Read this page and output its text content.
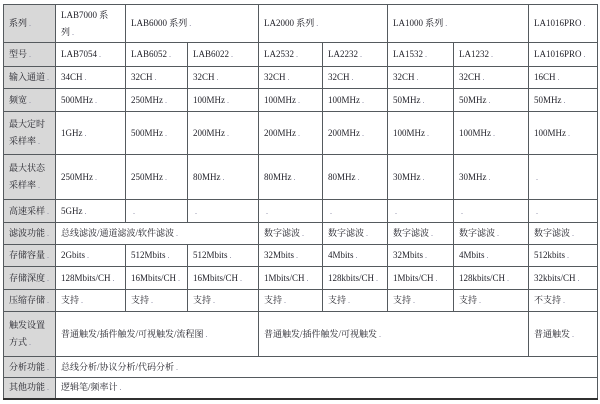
系列 .	LAB7000 系列 .	LAB6000 系列 .		LA2000 系列 .		LA1000 系列 .		LA1016PRO .
型号 .	LAB7054 .	LAB6052 .	LAB6022 .	LA2532 .	LA2232 .	LA1532 .	LA1232 .	LA1016PRO .
输入通道 .	34CH .	32CH .	32CH .	32CH .	32CH .	32CH .	32CH .	16CH .
频宽 .	500MHz .	250MHz .	100MHz .	100MHz .	100MHz .	50MHz .	50MHz .	50MHz .
最大定时采样率 .	1GHz .	500MHz .	200MHz .	200MHz .	200MHz .	100MHz .	100MHz .	100MHz .
最大状态采样率 .	250MHz .	250MHz .	80MHz .	80MHz .	80MHz .	30MHz .	30MHz .	.
高速采样 .	5GHz .	.	.	.	.	.	.	.
滤波功能 .	总线滤波/通道滤波/软件滤波 .			数字滤波 .	数字滤波 .	数字滤波 .	数字滤波 .	数字滤波 .
存储容量 .	2Gbits .	512Mbits .	512Mbits .	32Mbits .	4Mbits .	32Mbits .	4Mbits .	512kbits .
存储深度 .	128Mbits/CH .	16Mbits/CH .	16Mbits/CH .	1Mbits/CH .	128kbits/CH .	1Mbits/CH .	128kbits/CH .	32kbits/CH .
压缩存储 .	支持 .	支持 .	支持 .	支持 .	支持 .	支持 .	支持 .	不支持 .
触发设置方式 .	普通触发/插件触发/可视触发/流程图 .			普通触发/插件触发/可视触发 .				普通触发 .
分析功能 .	总线分析/协议分析/代码分析 .
其他功能 .	逻辑笔/频率计 .
